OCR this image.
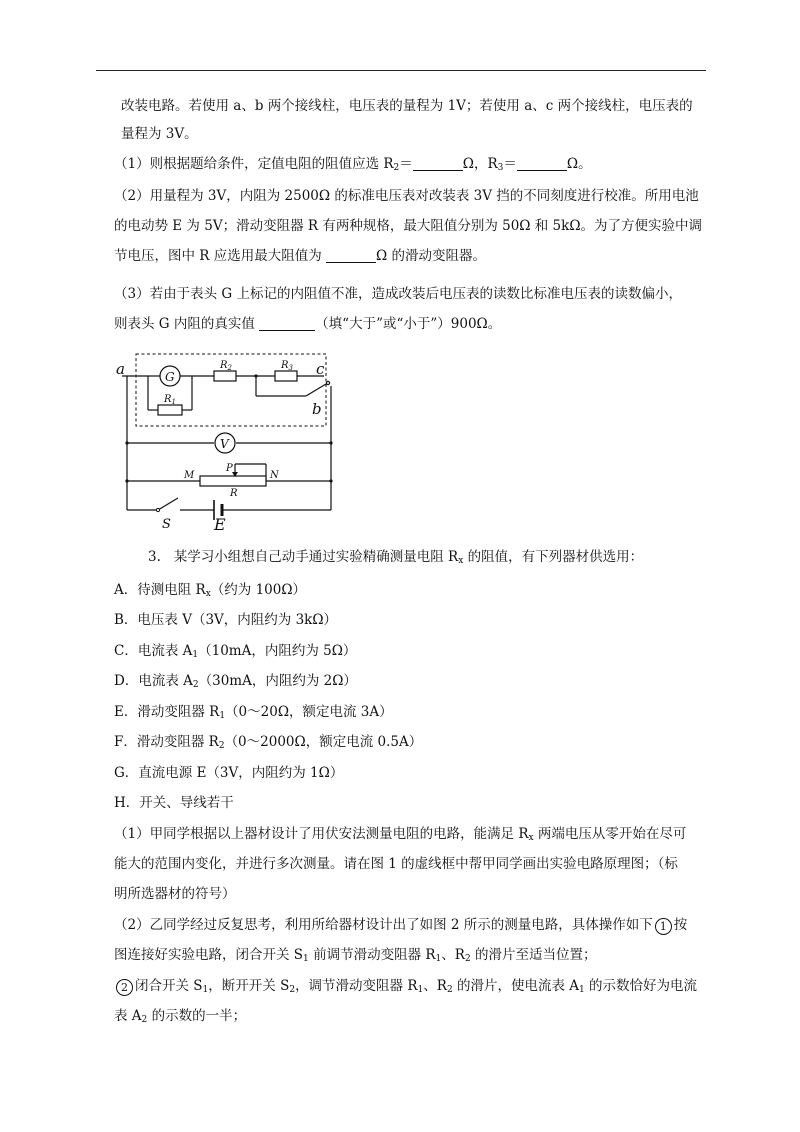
改装电路。若使用 a、b 两个接线柱，电压表的量程为 1V；若使用 a、c 两个接线柱，电压表的
量程为 3V。
（1）则根据题给条件，定值电阻的阻值应选 $R_2=$	Ω，$R_3=$	Ω。
（2）用量程为 3V，内阻为 2500Ω 的标准电压表对改装表 3V 挡的不同刻度进行校准。所用电池
的电动势 E 为 5V；滑动变阻器 R 有两种规格，最大阻值分别为 50Ω 和 5kΩ。为了方便实验中调
节电压，图中 R 应选用最大阻值为	Ω 的滑动变阻器。
（3）若由于表头 G 上标记的内阻值不准，造成改装后电压表的读数比标准电压表的读数偏小，
则表头 G 内阻的真实值	（填“大于”或“小于”）900Ω。
a	c
b
G
$R_1$
$R_2$	$R_3$
V
M	N
P
R
S	E
3. 某学习小组想自己动手通过实验精确测量电阻 $R_x$ 的阻值，有下列器材供选用：
A．待测电阻 $R_x$（约为 100Ω）
B．电压表 V（3V，内阻约为 3kΩ）
C．电流表 $A_1(10mA$，内阻约为 5Ω）
D．电流表 $A_2(30mA$，内阻约为 2Ω）
E．滑动变阻器 $R_1(0\sim 20\Omega$，额定电流 3A）
F．滑动变阻器 $R_2(0\sim 2000\Omega$，额定电流 0.5A）
G．直流电源 E（3V，内阻约为 1Ω）
H．开关、导线若干
（1）甲同学根据以上器材设计了用伏安法测量电阻的电路，能满足 $R_x$ 两端电压从零开始在尽可
能大的范围内变化，并进行多次测量。请在图 1 的虚线框中帮甲同学画出实验电路原理图；（标
明所选器材的符号）
（2）乙同学经过反复思考，利用所给器材设计出了如图 2 所示的测量电路，具体操作如下 1 按
图连接好实验电路，闭合开关 $S_1$ 前调节滑动变阻器 $R_1$、$R_2$ 的滑片至适当位置；
2 闭合开关 $S_1$，断开开关 $S_2$，调节滑动变阻器 $R_1$、$R_2$ 的滑片，使电流表 $A_1$ 的示数恰好为电流
表 $A_2$ 的示数的一半；
